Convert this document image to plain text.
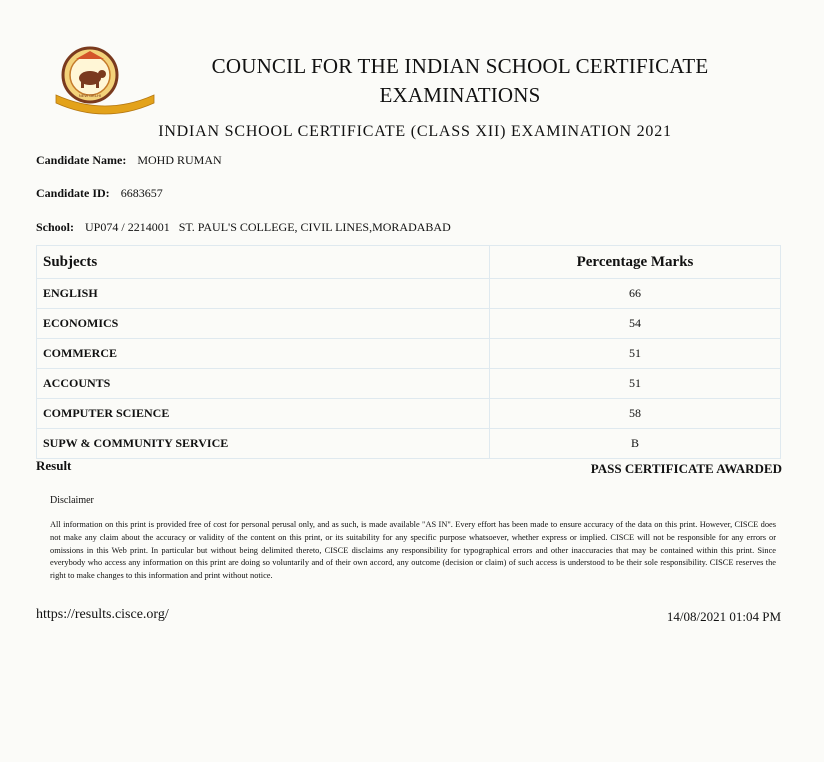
NEW DELHI
COUNCIL FOR THE INDIAN SCHOOL CERTIFICATE
EXAMINATIONS
INDIAN SCHOOL CERTIFICATE (CLASS XII) EXAMINATION 2021
Candidate Name: MOHD RUMAN
Candidate ID: 6683657
School: UP074 / 2214001   ST. PAUL'S COLLEGE, CIVIL LINES,MORADABAD
Subjects	Percentage Marks
ENGLISH	66
ECONOMICS	54
COMMERCE	51
ACCOUNTS	51
COMPUTER SCIENCE	58
SUPW & COMMUNITY SERVICE	B
Result	PASS CERTIFICATE AWARDED
Disclaimer
All information on this print is provided free of cost for personal perusal only, and as such, is made available "AS IN". Every effort has been made to ensure accuracy of the data on this print. However, CISCE does not make any claim about the accuracy or validity of the content on this print, or its suitability for any specific purpose whatsoever, whether express or implied. CISCE will not be responsible for any errors or omissions in this Web print. In particular but without being delimited thereto, CISCE disclaims any responsibility for typographical errors and other inaccuracies that may be contained within this print. Since everybody who access any information on this print are doing so voluntarily and of their own accord, any outcome (decision or claim) of such access is understood to be their sole responsibility. CISCE reserves the right to make changes to this information and print without notice.
https://results.cisce.org/	14/08/2021 01:04 PM
